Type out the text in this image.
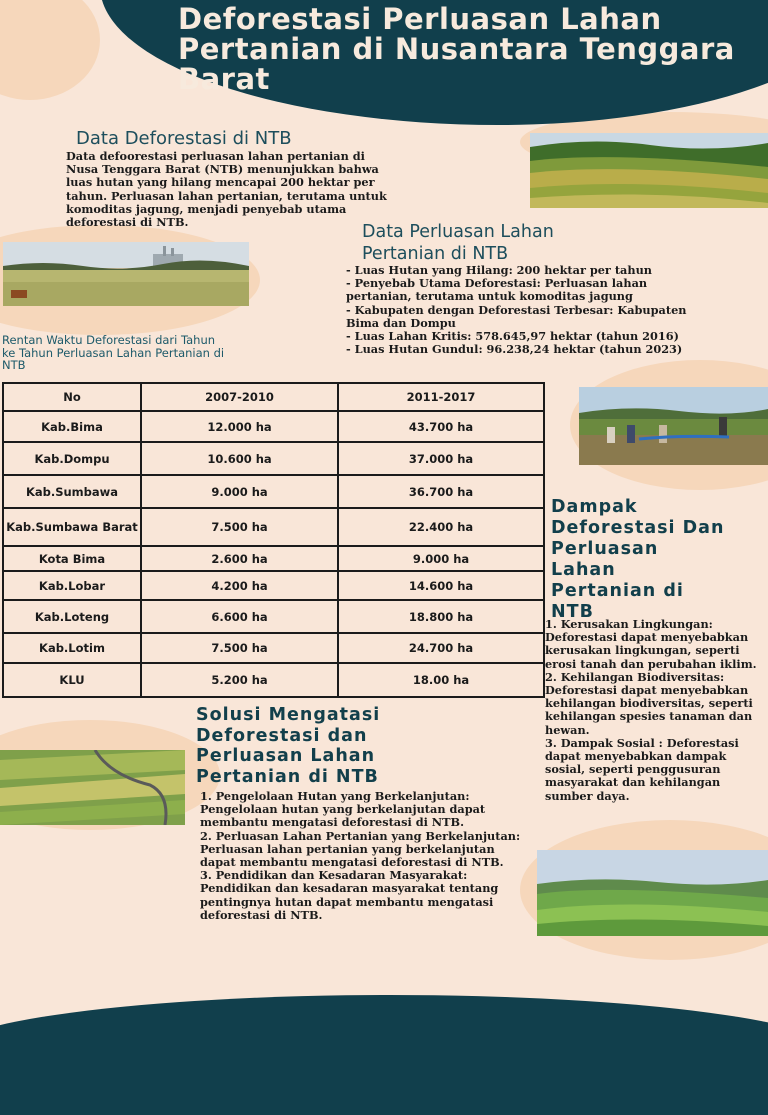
Deforestasi Perluasan Lahan Pertanian di Nusantara Tenggara Barat
Data Deforestasi di NTB

Data defoorestasi perluasan lahan pertanian di Nusa Tenggara Barat (NTB) menunjukkan bahwa luas hutan yang hilang mencapai 200 hektar per tahun. Perluasan lahan pertanian, terutama untuk komoditas jagung, menjadi penyebab utama deforestasi di NTB.	Data Perluasan Lahan
Pertanian di NTB
- Luas Hutan yang Hilang: 200 hektar per tahun
- Penyebab Utama Deforestasi: Perluasan lahan pertanian, terutama untuk komoditas jagung
- Kabupaten dengan Deforestasi Terbesar: Kabupaten Bima dan Dompu
- Luas Lahan Kritis: 578.645,97 hektar (tahun 2016)
- Luas Hutan Gundul: 96.238,24 hektar (tahun 2023)

Rentan Waktu Deforestasi dari Tahun ke Tahun Perluasan Lahan Pertanian di NTB

No	2007-2010	2011-2017
Kab.Bima	12.000 ha	43.700 ha
Kab.Dompu	10.600 ha	37.000 ha
Kab.Sumbawa	9.000 ha	36.700 ha
Kab.Sumbawa Barat	7.500 ha	22.400 ha
Kota Bima	2.600 ha	9.000 ha
Kab.Lobar	4.200 ha	14.600 ha
Kab.Loteng	6.600 ha	18.800 ha
Kab.Lotim	7.500 ha	24.700 ha
KLU	5.200 ha	18.00 ha
Dampak
Deforestasi Dan
Perluasan
Lahan
Pertanian di
NTB
1. Kerusakan Lingkungan: Deforestasi dapat menyebabkan kerusakan lingkungan, seperti erosi tanah dan perubahan iklim.
2. Kehilangan Biodiversitas: Deforestasi dapat menyebabkan kehilangan biodiversitas, seperti kehilangan spesies tanaman dan hewan.
3. Dampak Sosial : Deforestasi dapat menyebabkan dampak sosial, seperti penggusuran masyarakat dan kehilangan sumber daya.
Solusi Mengatasi
Deforestasi dan
Perluasan Lahan
Pertanian di NTB
1. Pengelolaan Hutan yang Berkelanjutan: Pengelolaan hutan yang berkelanjutan dapat membantu mengatasi deforestasi di NTB.
2. Perluasan Lahan Pertanian yang Berkelanjutan: Perluasan lahan pertanian yang berkelanjutan dapat membantu mengatasi deforestasi di NTB.
3. Pendidikan dan Kesadaran Masyarakat: Pendidikan dan kesadaran masyarakat tentang pentingnya hutan dapat membantu mengatasi deforestasi di NTB.
